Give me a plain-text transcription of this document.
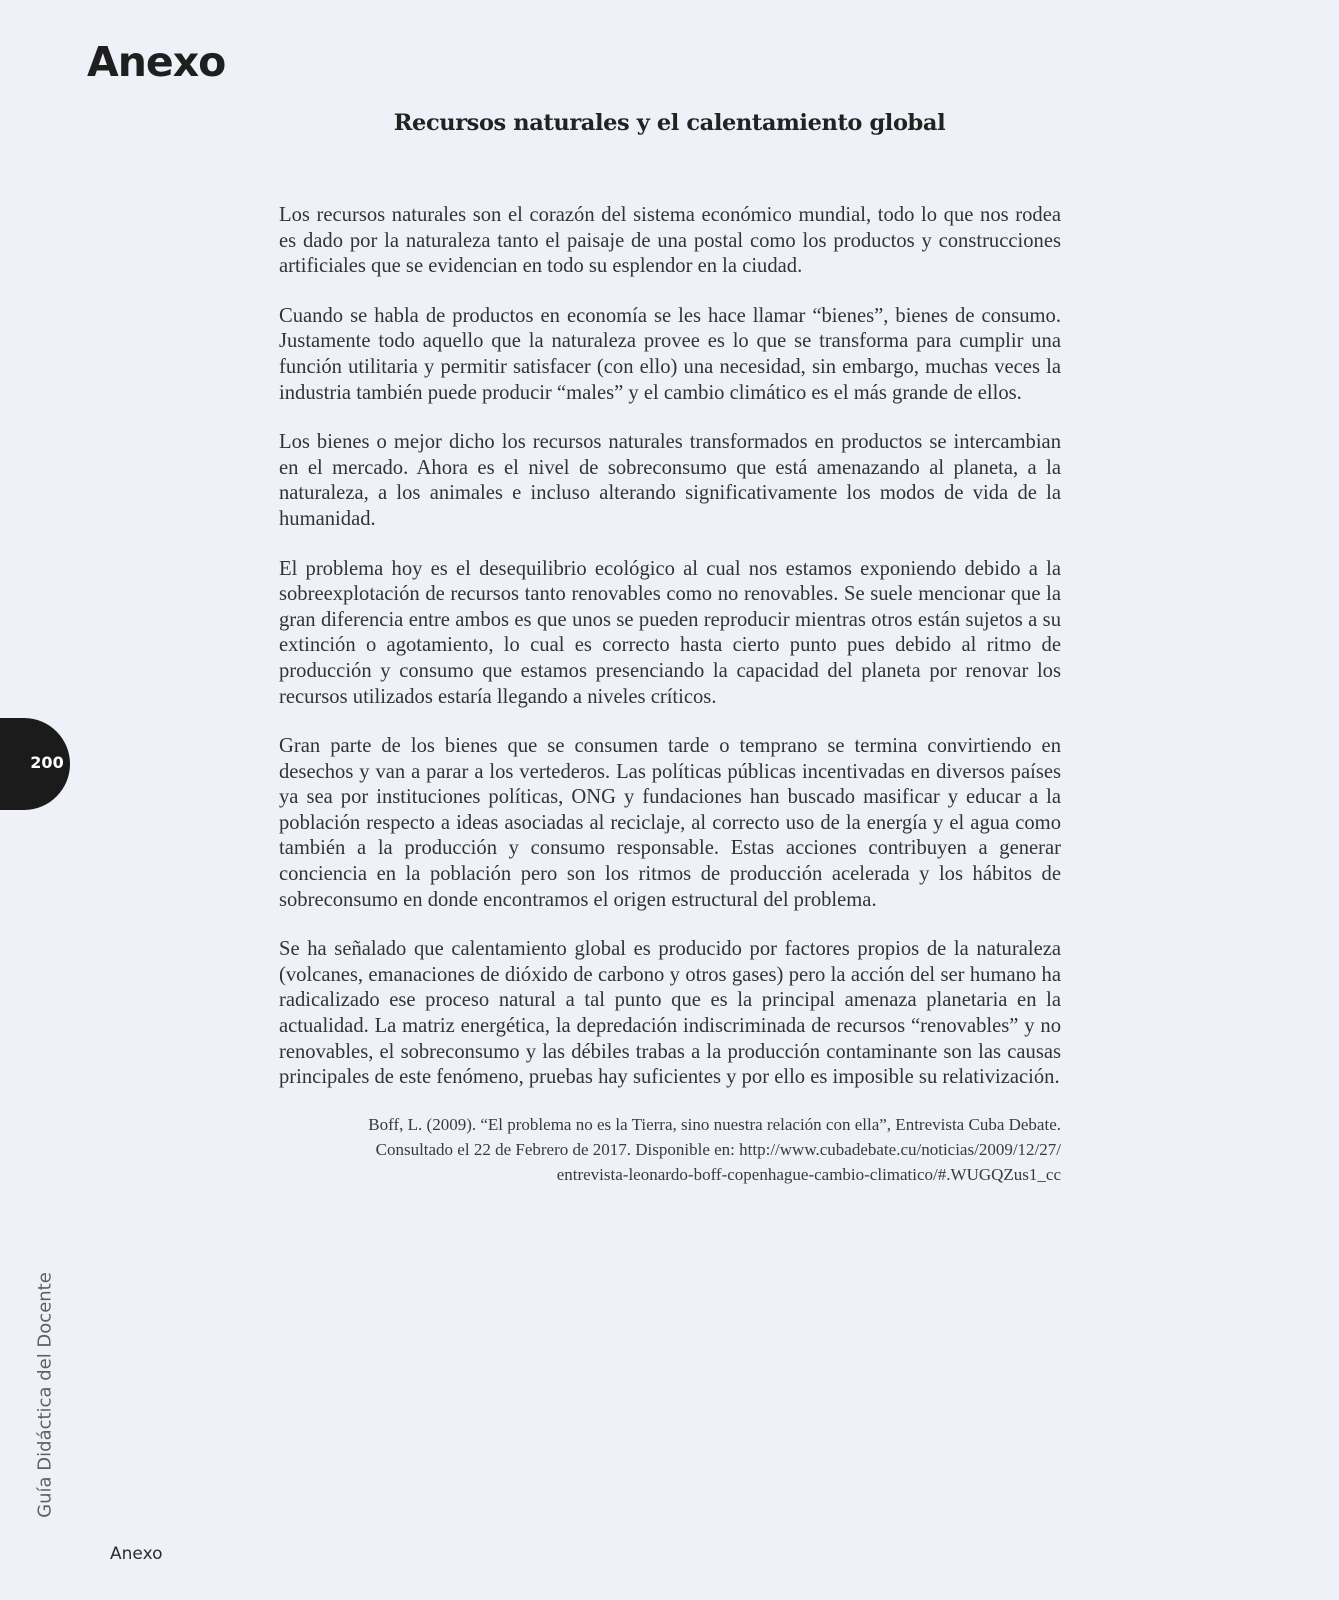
Anexo
Recursos naturales y el calentamiento global

Los recursos naturales son el corazón del sistema económico mundial, todo lo que nos rodea es dado por la naturaleza tanto el paisaje de una postal como los productos y construcciones artificiales que se evidencian en todo su esplendor en la ciudad.

Cuando se habla de productos en economía se les hace llamar “bienes”, bienes de consumo. Justamente todo aquello que la naturaleza provee es lo que se transforma para cumplir una función utilitaria y permitir satisfacer (con ello) una necesidad, sin embargo, muchas veces la industria también puede producir “males” y el cambio climático es el más grande de ellos.

Los bienes o mejor dicho los recursos naturales transformados en productos se intercambian en el mercado. Ahora es el nivel de sobreconsumo que está amenazando al planeta, a la naturaleza, a los animales e incluso alterando significativamente los modos de vida de la humanidad.

El problema hoy es el desequilibrio ecológico al cual nos estamos exponiendo debido a la sobreexplotación de recursos tanto renovables como no renovables. Se suele mencionar que la gran diferencia entre ambos es que unos se pueden reproducir mientras otros están sujetos a su extinción o agotamiento, lo cual es correcto hasta cierto punto pues debido al ritmo de producción y consumo que estamos presenciando la capacidad del planeta por renovar los recursos utilizados estaría llegando a niveles críticos.

Gran parte de los bienes que se consumen tarde o temprano se termina convirtiendo en desechos y van a parar a los vertederos. Las políticas públicas incentivadas en diversos países ya sea por instituciones políticas, ONG y fundaciones han buscado masificar y educar a la población respecto a ideas asociadas al reciclaje, al correcto uso de la energía y el agua como también a la producción y consumo responsable. Estas acciones contribuyen a generar conciencia en la población pero son los ritmos de producción acelerada y los hábitos de sobreconsumo en donde encontramos el origen estructural del problema.

Se ha señalado que calentamiento global es producido por factores propios de la naturaleza (volcanes, emanaciones de dióxido de carbono y otros gases) pero la acción del ser humano ha radicalizado ese proceso natural a tal punto que es la principal amenaza planetaria en la actualidad. La matriz energética, la depredación indiscriminada de recursos “renovables” y no renovables, el sobreconsumo y las débiles trabas a la producción contaminante son las causas principales de este fenómeno, pruebas hay suficientes y por ello es imposible su relativización.

Boff, L. (2009). “El problema no es la Tierra, sino nuestra relación con ella”, Entrevista Cuba Debate.
Consultado el 22 de Febrero de 2017. Disponible en: http://www.cubadebate.cu/noticias/2009/12/27/
entrevista-leonardo-boff-copenhague-cambio-climatico/#.WUGQZus1_cc
200
Guía Didáctica del Docente
Anexo
